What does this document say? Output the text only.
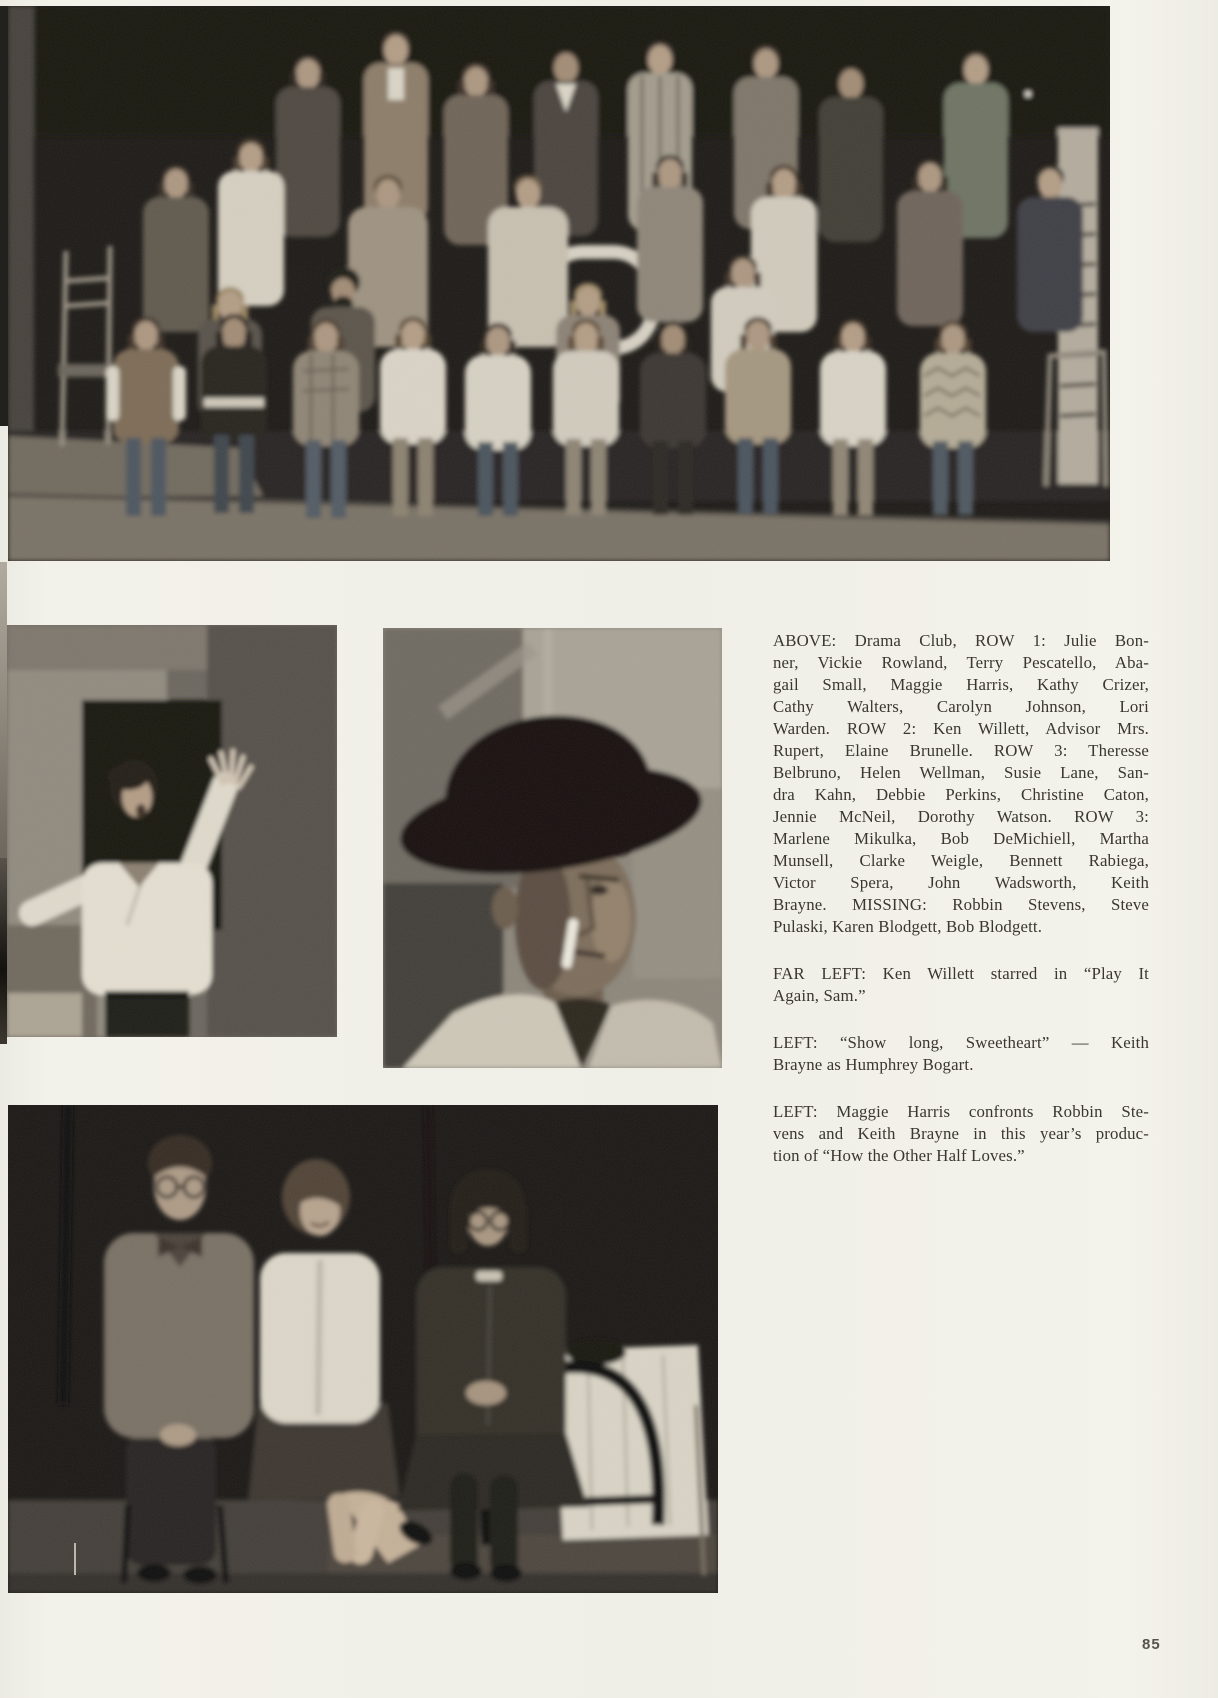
ABOVE: Drama Club, ROW 1: Julie Bon-
ner, Vickie Rowland, Terry Pescatello, Aba-
gail Small, Maggie Harris, Kathy Crizer,
Cathy Walters, Carolyn Johnson, Lori
Warden. ROW 2: Ken Willett, Advisor Mrs.
Rupert, Elaine Brunelle. ROW 3: Theresse
Belbruno, Helen Wellman, Susie Lane, San-
dra Kahn, Debbie Perkins, Christine Caton,
Jennie McNeil, Dorothy Watson. ROW 3:
Marlene Mikulka, Bob DeMichiell, Martha
Munsell, Clarke Weigle, Bennett Rabiega,
Victor Spera, John Wadsworth, Keith
Brayne. MISSING: Robbin Stevens, Steve
Pulaski, Karen Blodgett, Bob Blodgett.
FAR LEFT: Ken Willett starred in “Play It
Again, Sam.”
LEFT: “Show long, Sweetheart” — Keith
Brayne as Humphrey Bogart.
LEFT: Maggie Harris confronts Robbin Ste-
vens and Keith Brayne in this year’s produc-
tion of “How the Other Half Loves.”
85
